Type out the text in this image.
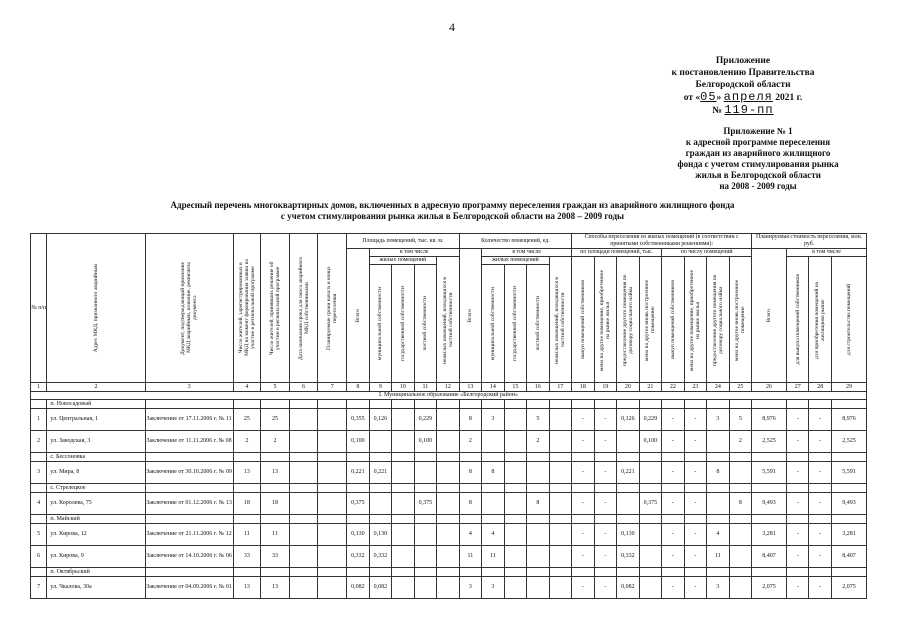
4
Приложение
к постановлению Правительства
Белгородской области
от «05» апреля 2021 г.
№ 119-пп
Приложение № 1
к адресной программе переселения
граждан из аварийного жилищного
фонда с учетом стимулирования рынка
жилья в Белгородской области
на 2008 - 2009 годы
Адресный перечень многоквартирных домов, включенных в адресную программу переселения граждан из аварийного жилищного фонда
с учетом стимулирования рынка жилья в Белгородской области на 2008 – 2009 годы
№ п/п	Адрес МКД, признанного аварийным	Документ, подтверждающий признание МКД аварийным, название, реквизиты документа	Число жителей, зарегистрированных в МКД на момент формирования заявки на участие в региональной программе	Число жителей, принявших решение об участии в региональной программе	Дата окончания срока для сноса аварийного МКД собственниками	Планируемые сроки начала и конца переселения	Площадь помещений, тыс. кв. м.					Количество помещений, ед.					Способы переселения из жилых помещений (в соответствии с принятыми собственниками решениями):								Планируемая стоимость переселения, млн. руб.			

							Всего	в том числе				Всего	в том числе				по площади помещений, тыс.				по числу помещений				Всего	в том числе		
								жилых помещений			нежилых помещений, находящихся в частной собственности		жилых помещений			нежилых помещений, находящихся в частной собственности	выкуп помещений собственников	мена на другое помещение, приобретенное на рынке жилья	предоставление другого помещения по договору социального найма	мена на другое вновь построенное помещение	выкуп помещений собственников	мена на другое помещение, приобретенное на рынке жилья	предоставление другого помещения по договору социального найма	мена на другое вновь построенное помещение		для выкупа помещений собственников	для приобретения помещений на жилищном рынке	для строительства помещений

								муниципальной собственности	государственной собственности	частной собственности			муниципальной собственности	государственной собственности	частной собственности													

1	2	3	4	5	6	7	8	9	10	11	12	13	14	15	16	17	18	19	20	21	22	23	24	25	26	27	28	29
I. Муниципальное образование «Белгородский район»																												
	п. Новосадовый																											
1	ул. Центральная, 1	Заключение от 17.11.2006 г. № 11	25	25			0,355	0,126		0,229		8	3		5		-	-	0,126	0,229	-	-	3	5	8,976	-	-	8,976
2	ул. Заводская, 3	Заключение от 11.11.2006 г. № 08	2	2			0,100			0,100		2			2		-	-		0,100	-	-		2	2,525	-	-	2,525
	с. Бессоновка																											
3	ул. Мира, 8	Заключение от 30.10.2006 г. № 09	13	13			0,221	0,221				8	8				-	-	0,221		-	-	8		5,591	-	-	5,591
	с. Стрелецкое																											
4	ул. Королева, 75	Заключение от 01.12.2006 г. № 13	18	18			0,375			0,375		8			8		-	-		0,375	-	-		8	9,493	-	-	9,493
	п. Майский																											
5	ул. Кирова, 12	Заключение от 21.11.2006 г. № 12	11	11			0,130	0,130				4	4				-	-	0,130		-	-	4		3,281	-	-	3,281
6	ул. Кирова, 9	Заключение от 14.10.2006 г. № 06	33	33			0,332	0,332				11	11				-	-	0,332		-	-	11		8,407	-	-	8,407
	п. Октябрьский																											
7	ул. Чкалова, 30а	Заключение от 04.09.2006 г. № 01	13	13			0,082	0,082				3	3				-	-	0,082		-	-	3		2,075	-	-	2,075
